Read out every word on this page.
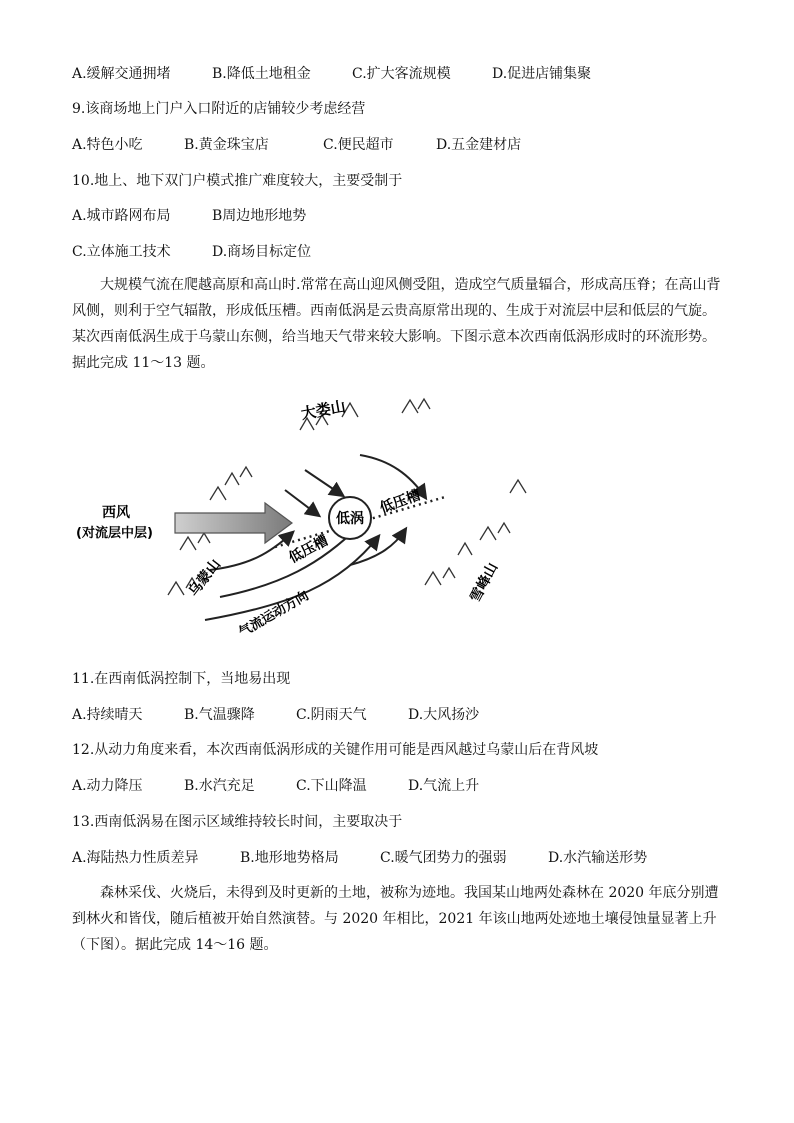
A.缓解交通拥堵	B.降低土地租金	C.扩大客流规模	D.促进店铺集聚
9.该商场地上门户入口附近的店铺较少考虑经营
A.特色小吃	B.黄金珠宝店	C.便民超市	D.五金建材店
10.地上、地下双门户模式推广难度较大，主要受制于
A.城市路网布局	B周边地形地势
C.立体施工技术	D.商场目标定位
大规模气流在爬越高原和高山时.常常在高山迎风侧受阻，造成空气质量辐合，形成高压脊；在高山背风侧，则利于空气辐散，形成低压槽。西南低涡是云贵高原常出现的、生成于对流层中层和低层的气旋。某次西南低涡生成于乌蒙山东侧，给当地天气带来较大影响。下图示意本次西南低涡形成时的环流形势。据此完成 11～13 题。
大娄山
西风
(对流层中层)
乌蒙山
低压槽
低涡
低压槽
气流运动方向
雪峰山
11.在西南低涡控制下，当地易出现
A.持续晴天	B.气温骤降	C.阴雨天气	D.大风扬沙
12.从动力角度来看，本次西南低涡形成的关键作用可能是西风越过乌蒙山后在背风坡
A.动力降压	B.水汽充足	C.下山降温	D.气流上升
13.西南低涡易在图示区域维持较长时间，主要取决于
A.海陆热力性质差异	B.地形地势格局	C.暖气团势力的强弱	D.水汽输送形势
森林采伐、火烧后，未得到及时更新的土地，被称为迹地。我国某山地两处森林在 2020 年底分别遭到林火和皆伐，随后植被开始自然演替。与 2020 年相比，2021 年该山地两处迹地土壤侵蚀量显著上升（下图）。据此完成 14～16 题。
